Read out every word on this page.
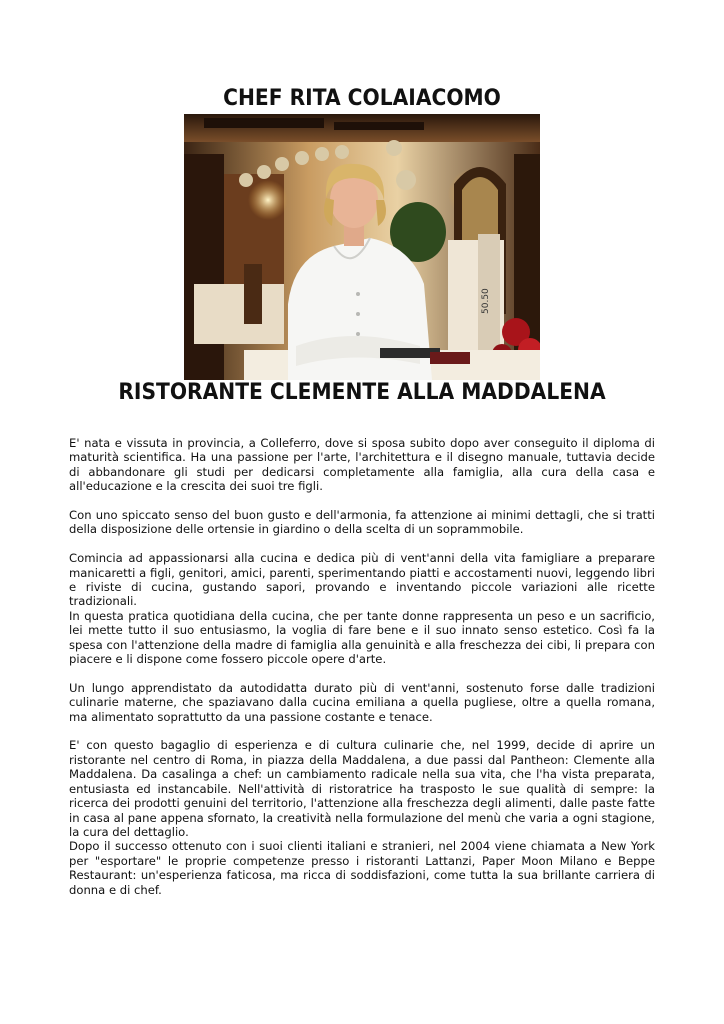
CHEF RITA COLAIACOMO
50.50
RISTORANTE CLEMENTE ALLA MADDALENA

E' nata e vissuta in provincia, a Colleferro, dove si sposa subito dopo aver conseguito il diploma di maturità scientifica. Ha una passione per l'arte, l'architettura e il disegno manuale, tuttavia decide di abbandonare gli studi per dedicarsi completamente alla famiglia, alla cura della casa e all'educazione e la crescita dei suoi tre figli.

Con uno spiccato senso del buon gusto e dell'armonia, fa attenzione ai minimi dettagli, che si tratti della disposizione delle ortensie in giardino o della scelta di un soprammobile.

Comincia ad appassionarsi alla cucina e dedica più di vent'anni della vita famigliare a preparare manicaretti a figli, genitori, amici, parenti, sperimentando piatti e accostamenti nuovi, leggendo libri e riviste di cucina, gustando sapori, provando e inventando piccole variazioni alle ricette tradizionali.

In questa pratica quotidiana della cucina, che per tante donne rappresenta un peso e un sacrificio, lei mette tutto il suo entusiasmo, la voglia di fare bene e il suo innato senso estetico. Così fa la spesa con l'attenzione della madre di famiglia alla genuinità e alla freschezza dei cibi, li prepara con piacere e li dispone come fossero piccole opere d'arte.

Un lungo apprendistato da autodidatta durato più di vent'anni, sostenuto forse dalle tradizioni culinarie materne, che spaziavano dalla cucina emiliana a quella pugliese, oltre a quella romana, ma alimentato soprattutto da una passione costante e tenace.

E' con questo bagaglio di esperienza e di cultura culinarie che, nel 1999, decide di aprire un ristorante nel centro di Roma, in piazza della Maddalena, a due passi dal Pantheon: Clemente alla Maddalena. Da casalinga a chef: un cambiamento radicale nella sua vita, che l'ha vista preparata, entusiasta ed instancabile. Nell'attività di ristoratrice ha trasposto le sue qualità di sempre: la ricerca dei prodotti genuini del territorio, l'attenzione alla freschezza degli alimenti, dalle paste fatte in casa al pane appena sfornato, la creatività nella formulazione del menù che varia a ogni stagione, la cura del dettaglio.

Dopo il successo ottenuto con i suoi clienti italiani e stranieri, nel 2004 viene chiamata a New York per "esportare" le proprie competenze presso i ristoranti Lattanzi, Paper Moon Milano e Beppe Restaurant: un'esperienza faticosa, ma ricca di soddisfazioni, come tutta la sua brillante carriera di donna e di chef.
